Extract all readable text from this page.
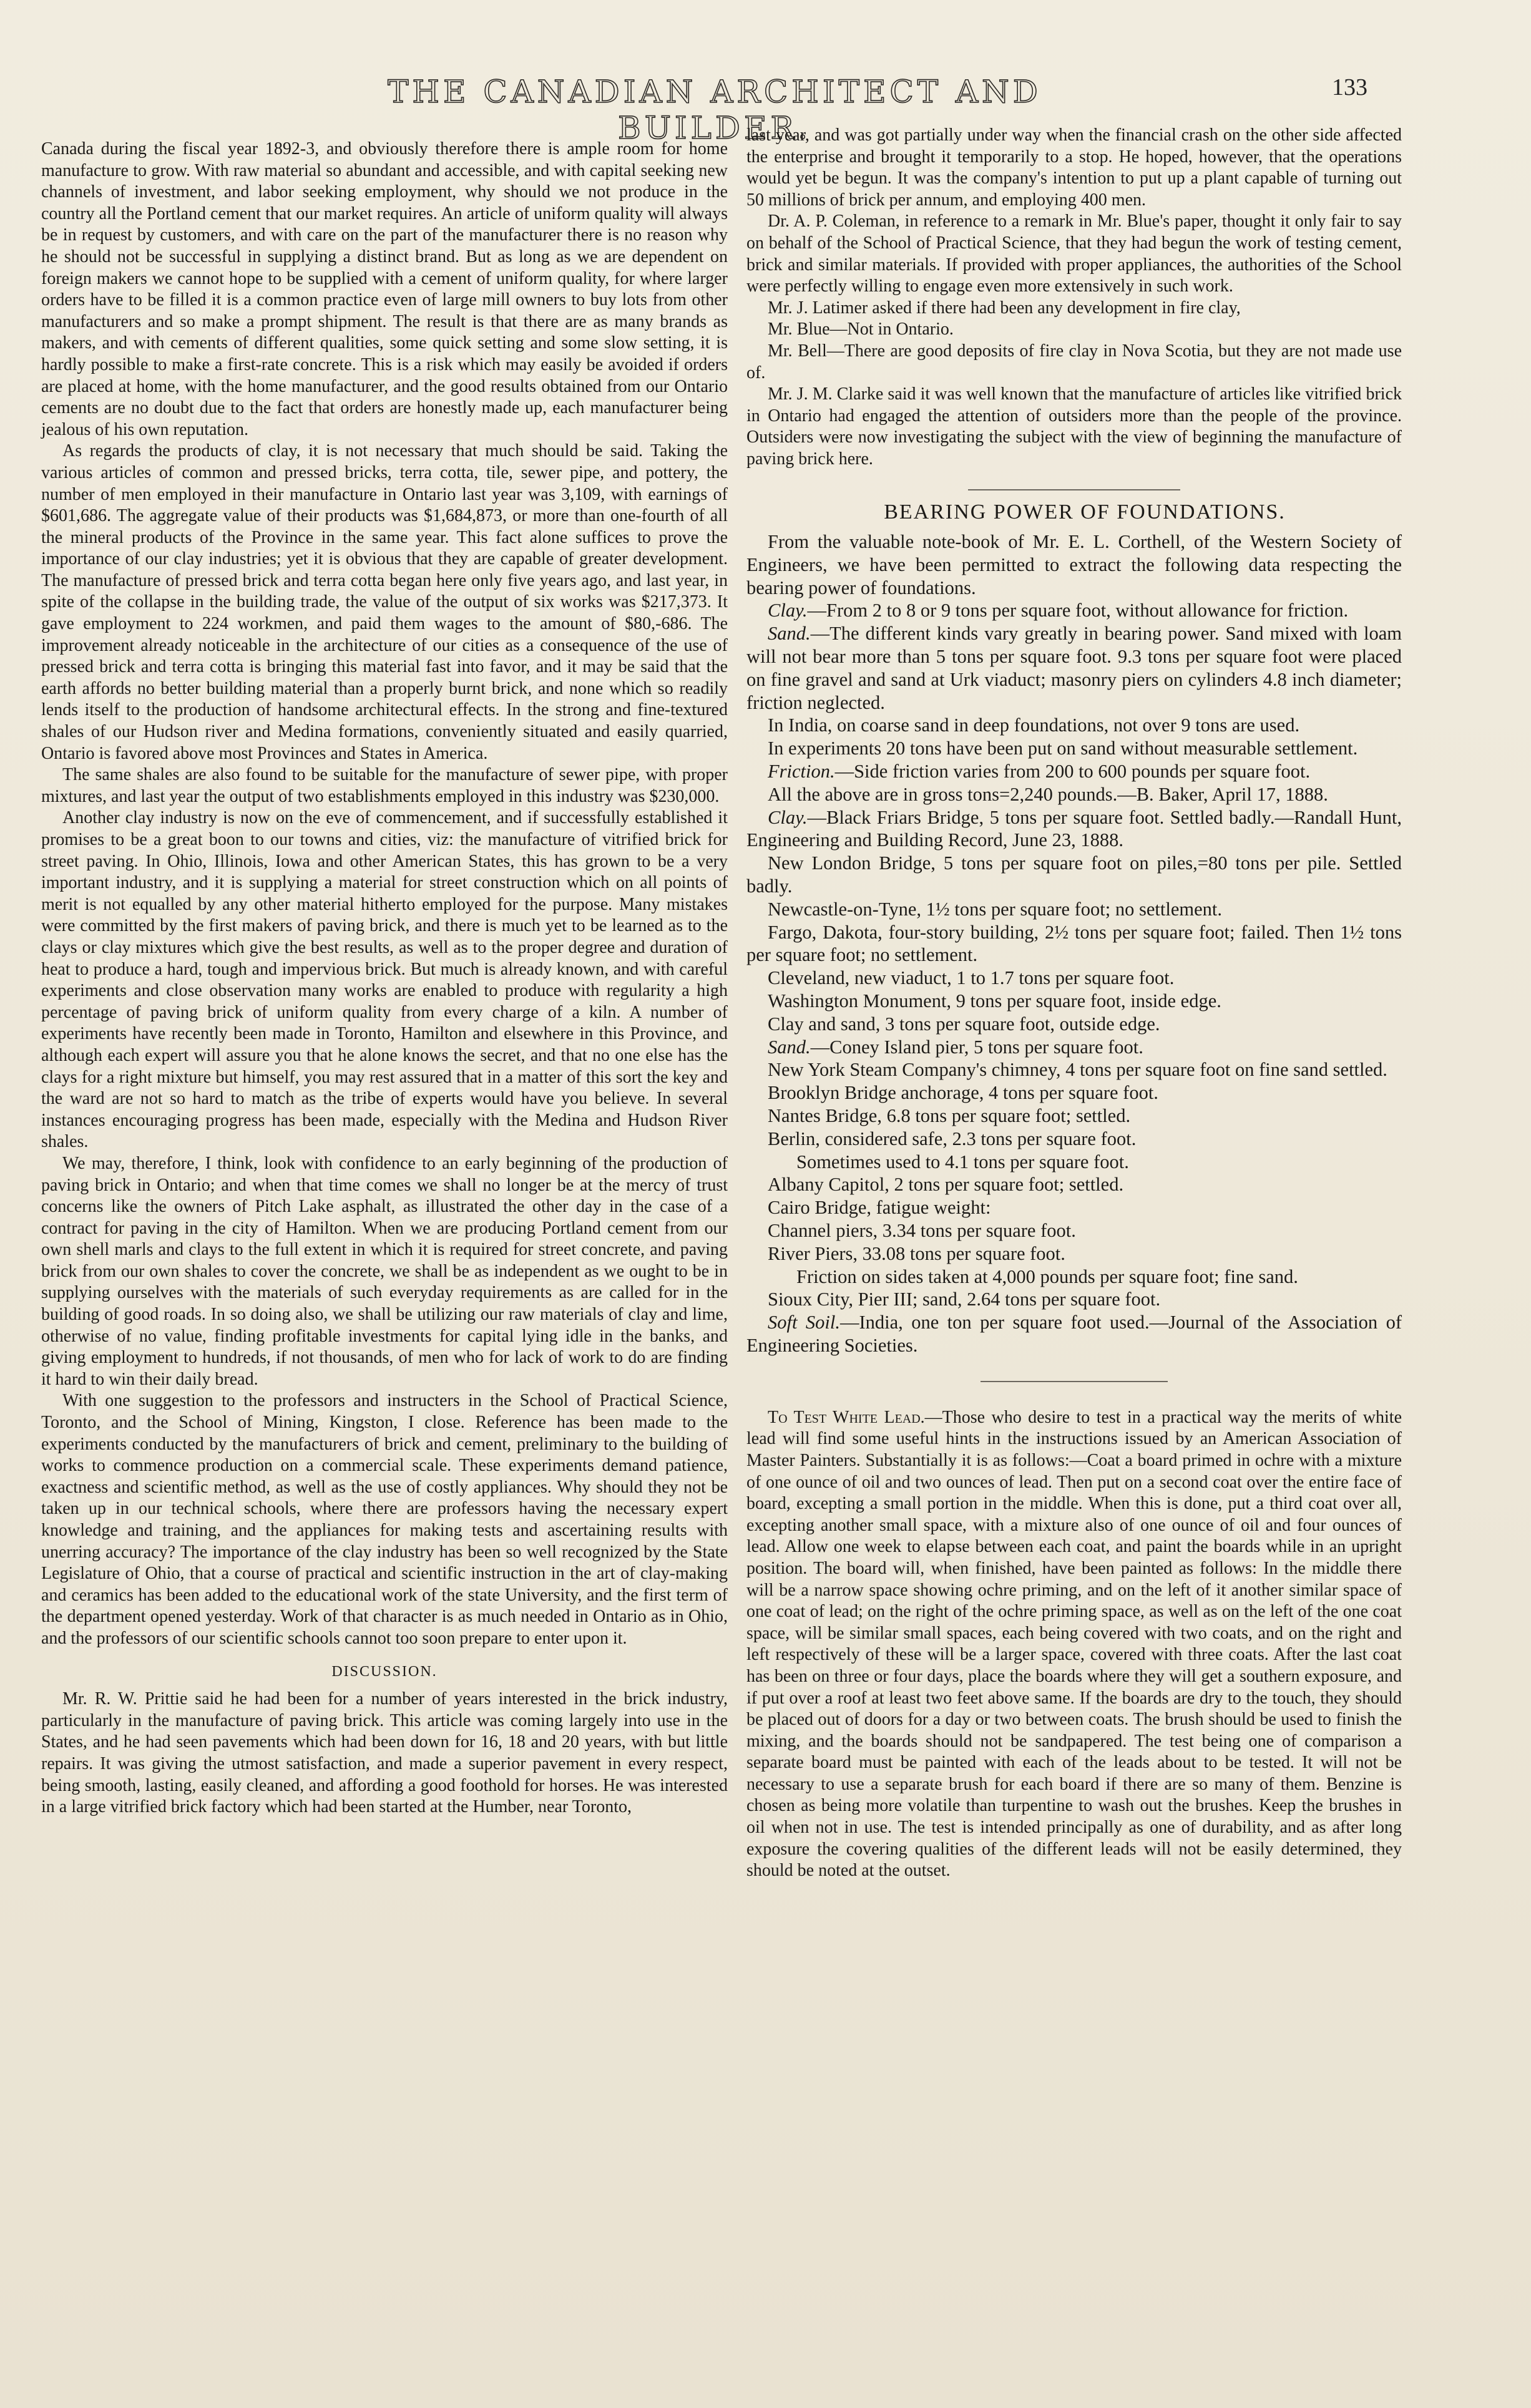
THE CANADIAN ARCHITECT AND BUILDER.
133

Canada during the fiscal year 1892-3, and obviously therefore there is ample room for home manufacture to grow. With raw material so abundant and accessible, and with capital seeking new channels of investment, and labor seeking employment, why should we not produce in the country all the Portland cement that our market requires. An article of uniform quality will always be in request by customers, and with care on the part of the manufacturer there is no reason why he should not be successful in supplying a distinct brand. But as long as we are dependent on foreign makers we cannot hope to be supplied with a cement of uniform quality, for where larger orders have to be filled it is a common practice even of large mill owners to buy lots from other manufacturers and so make a prompt shipment. The result is that there are as many brands as makers, and with cements of different qualities, some quick setting and some slow setting, it is hardly possible to make a first-rate concrete. This is a risk which may easily be avoided if orders are placed at home, with the home manufacturer, and the good results obtained from our Ontario cements are no doubt due to the fact that orders are honestly made up, each manufacturer being jealous of his own reputation.

As regards the products of clay, it is not necessary that much should be said. Taking the various articles of common and pressed bricks, terra cotta, tile, sewer pipe, and pottery, the number of men employed in their manufacture in Ontario last year was 3,109, with earnings of $601,686. The aggregate value of their products was $1,684,873, or more than one-fourth of all the mineral products of the Province in the same year. This fact alone suffices to prove the importance of our clay industries; yet it is obvious that they are capable of greater development. The manufacture of pressed brick and terra cotta began here only five years ago, and last year, in spite of the collapse in the building trade, the value of the output of six works was $217,373. It gave employment to 224 workmen, and paid them wages to the amount of $80,-686. The improvement already noticeable in the architecture of our cities as a consequence of the use of pressed brick and terra cotta is bringing this material fast into favor, and it may be said that the earth affords no better building material than a properly burnt brick, and none which so readily lends itself to the production of handsome architectural effects. In the strong and fine-textured shales of our Hudson river and Medina formations, conveniently situated and easily quarried, Ontario is favored above most Provinces and States in America.

The same shales are also found to be suitable for the manufacture of sewer pipe, with proper mixtures, and last year the output of two establishments employed in this industry was $230,000.

Another clay industry is now on the eve of commencement, and if successfully established it promises to be a great boon to our towns and cities, viz: the manufacture of vitrified brick for street paving. In Ohio, Illinois, Iowa and other American States, this has grown to be a very important industry, and it is supplying a material for street construction which on all points of merit is not equalled by any other material hitherto employed for the purpose. Many mistakes were committed by the first makers of paving brick, and there is much yet to be learned as to the clays or clay mixtures which give the best results, as well as to the proper degree and duration of heat to produce a hard, tough and impervious brick. But much is already known, and with careful experiments and close observation many works are enabled to produce with regularity a high percentage of paving brick of uniform quality from every charge of a kiln. A number of experiments have recently been made in Toronto, Hamilton and elsewhere in this Province, and although each expert will assure you that he alone knows the secret, and that no one else has the clays for a right mixture but himself, you may rest assured that in a matter of this sort the key and the ward are not so hard to match as the tribe of experts would have you believe. In several instances encouraging progress has been made, especially with the Medina and Hudson River shales.

We may, therefore, I think, look with confidence to an early beginning of the production of paving brick in Ontario; and when that time comes we shall no longer be at the mercy of trust concerns like the owners of Pitch Lake asphalt, as illustrated the other day in the case of a contract for paving in the city of Hamilton. When we are producing Portland cement from our own shell marls and clays to the full extent in which it is required for street concrete, and paving brick from our own shales to cover the concrete, we shall be as independent as we ought to be in supplying ourselves with the materials of such everyday requirements as are called for in the building of good roads. In so doing also, we shall be utilizing our raw materials of clay and lime, otherwise of no value, finding profitable investments for capital lying idle in the banks, and giving employment to hundreds, if not thousands, of men who for lack of work to do are finding it hard to win their daily bread.

With one suggestion to the professors and instructers in the School of Practical Science, Toronto, and the School of Mining, Kingston, I close. Reference has been made to the experiments conducted by the manufacturers of brick and cement, preliminary to the building of works to commence production on a commercial scale. These experiments demand patience, exactness and scientific method, as well as the use of costly appliances. Why should they not be taken up in our technical schools, where there are professors having the necessary expert knowledge and training, and the appliances for making tests and ascertaining results with unerring accuracy? The importance of the clay industry has been so well recognized by the State Legislature of Ohio, that a course of practical and scientific instruction in the art of clay-making and ceramics has been added to the educational work of the state University, and the first term of the department opened yesterday. Work of that character is as much needed in Ontario as in Ohio, and the professors of our scientific schools cannot too soon prepare to enter upon it.

DISCUSSION.

Mr. R. W. Prittie said he had been for a number of years interested in the brick industry, particularly in the manufacture of paving brick. This article was coming largely into use in the States, and he had seen pavements which had been down for 16, 18 and 20 years, with but little repairs. It was giving the utmost satisfaction, and made a superior pavement in every respect, being smooth, lasting, easily cleaned, and affording a good foothold for horses. He was interested in a large vitrified brick factory which had been started at the Humber, near Toronto,

last year, and was got partially under way when the financial crash on the other side affected the enterprise and brought it temporarily to a stop. He hoped, however, that the operations would yet be begun. It was the company's intention to put up a plant capable of turning out 50 millions of brick per annum, and employing 400 men.

Dr. A. P. Coleman, in reference to a remark in Mr. Blue's paper, thought it only fair to say on behalf of the School of Practical Science, that they had begun the work of testing cement, brick and similar materials. If provided with proper appliances, the authorities of the School were perfectly willing to engage even more extensively in such work.

Mr. J. Latimer asked if there had been any development in fire clay,

Mr. Blue—Not in Ontario.

Mr. Bell—There are good deposits of fire clay in Nova Scotia, but they are not made use of.

Mr. J. M. Clarke said it was well known that the manufacture of articles like vitrified brick in Ontario had engaged the attention of outsiders more than the people of the province. Outsiders were now investigating the subject with the view of beginning the manufacture of paving brick here.

BEARING POWER OF FOUNDATIONS.

From the valuable note-book of Mr. E. L. Corthell, of the Western Society of Engineers, we have been permitted to extract the following data respecting the bearing power of foundations.

Clay.—From 2 to 8 or 9 tons per square foot, without allowance for friction.

Sand.—The different kinds vary greatly in bearing power. Sand mixed with loam will not bear more than 5 tons per square foot. 9.3 tons per square foot were placed on fine gravel and sand at Urk viaduct; masonry piers on cylinders 4.8 inch diameter; friction neglected.

In India, on coarse sand in deep foundations, not over 9 tons are used.

In experiments 20 tons have been put on sand without measurable settlement.

Friction.—Side friction varies from 200 to 600 pounds per square foot.

All the above are in gross tons=2,240 pounds.—B. Baker, April 17, 1888.

Clay.—Black Friars Bridge, 5 tons per square foot. Settled badly.—Randall Hunt, Engineering and Building Record, June 23, 1888.

New London Bridge, 5 tons per square foot on piles,=80 tons per pile. Settled badly.

Newcastle-on-Tyne, 1½ tons per square foot; no settlement.

Fargo, Dakota, four-story building, 2½ tons per square foot; failed. Then 1½ tons per square foot; no settlement.

Cleveland, new viaduct, 1 to 1.7 tons per square foot.

Washington Monument, 9 tons per square foot, inside edge.

Clay and sand, 3 tons per square foot, outside edge.

Sand.—Coney Island pier, 5 tons per square foot.

New York Steam Company's chimney, 4 tons per square foot on fine sand settled.

Brooklyn Bridge anchorage, 4 tons per square foot.

Nantes Bridge, 6.8 tons per square foot; settled.

Berlin, considered safe, 2.3 tons per square foot.

Sometimes used to 4.1 tons per square foot.

Albany Capitol, 2 tons per square foot; settled.

Cairo Bridge, fatigue weight:

Channel piers, 3.34 tons per square foot.

River Piers, 33.08 tons per square foot.

Friction on sides taken at 4,000 pounds per square foot; fine sand.

Sioux City, Pier III; sand, 2.64 tons per square foot.

Soft Soil.—India, one ton per square foot used.—Journal of the Association of Engineering Societies.

To Test White Lead.—Those who desire to test in a practical way the merits of white lead will find some useful hints in the instructions issued by an American Association of Master Painters. Substantially it is as follows:—Coat a board primed in ochre with a mixture of one ounce of oil and two ounces of lead. Then put on a second coat over the entire face of board, excepting a small portion in the middle. When this is done, put a third coat over all, excepting another small space, with a mixture also of one ounce of oil and four ounces of lead. Allow one week to elapse between each coat, and paint the boards while in an upright position. The board will, when finished, have been painted as follows: In the middle there will be a narrow space showing ochre priming, and on the left of it another similar space of one coat of lead; on the right of the ochre priming space, as well as on the left of the one coat space, will be similar small spaces, each being covered with two coats, and on the right and left respectively of these will be a larger space, covered with three coats. After the last coat has been on three or four days, place the boards where they will get a southern exposure, and if put over a roof at least two feet above same. If the boards are dry to the touch, they should be placed out of doors for a day or two between coats. The brush should be used to finish the mixing, and the boards should not be sandpapered. The test being one of comparison a separate board must be painted with each of the leads about to be tested. It will not be necessary to use a separate brush for each board if there are so many of them. Benzine is chosen as being more volatile than turpentine to wash out the brushes. Keep the brushes in oil when not in use. The test is intended principally as one of durability, and as after long exposure the covering qualities of the different leads will not be easily determined, they should be noted at the outset.
